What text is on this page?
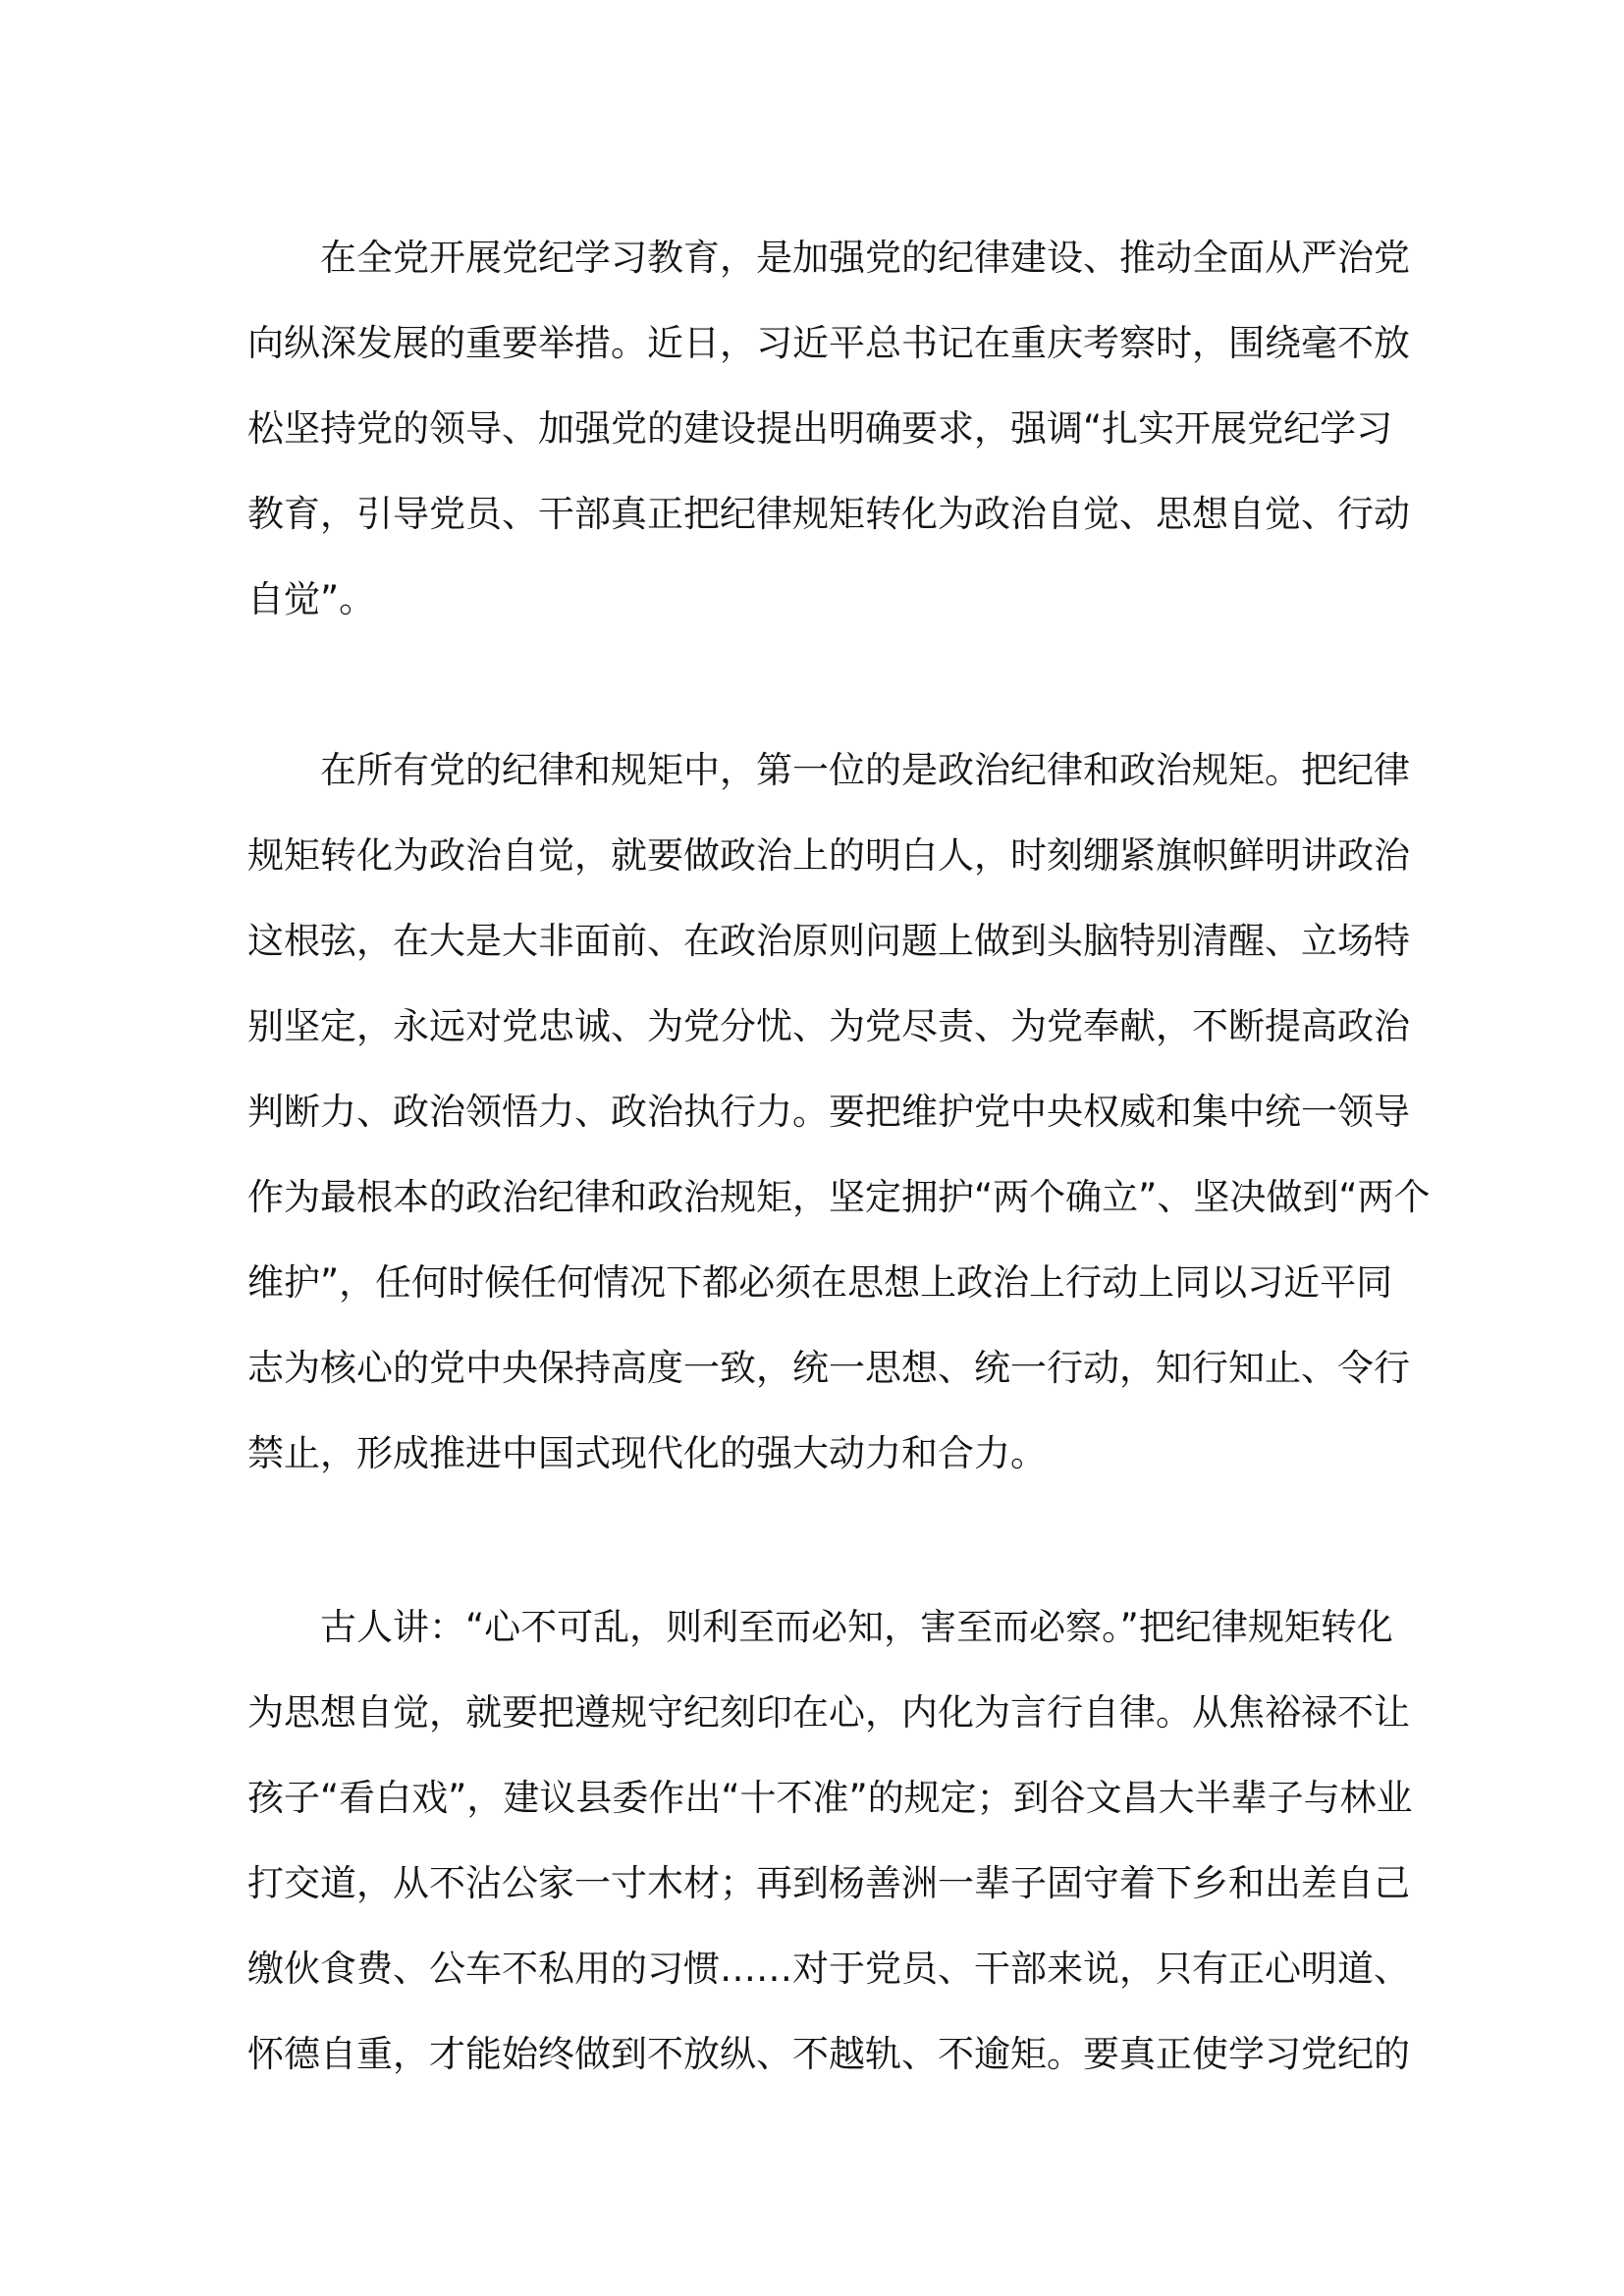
在全党开展党纪学习教育，是加强党的纪律建设、推动全面从严治党
向纵深发展的重要举措。近日，习近平总书记在重庆考察时，围绕毫不放
松坚持党的领导、加强党的建设提出明确要求，强调“扎实开展党纪学习
教育，引导党员、干部真正把纪律规矩转化为政治自觉、思想自觉、行动
自觉”。
在所有党的纪律和规矩中，第一位的是政治纪律和政治规矩。把纪律
规矩转化为政治自觉，就要做政治上的明白人，时刻绷紧旗帜鲜明讲政治
这根弦，在大是大非面前、在政治原则问题上做到头脑特别清醒、立场特
别坚定，永远对党忠诚、为党分忧、为党尽责、为党奉献，不断提高政治
判断力、政治领悟力、政治执行力。要把维护党中央权威和集中统一领导
作为最根本的政治纪律和政治规矩，坚定拥护“两个确立”、坚决做到“两个
维护”，任何时候任何情况下都必须在思想上政治上行动上同以习近平同
志为核心的党中央保持高度一致，统一思想、统一行动，知行知止、令行
禁止，形成推进中国式现代化的强大动力和合力。
古人讲：“心不可乱，则利至而必知，害至而必察。”把纪律规矩转化
为思想自觉，就要把遵规守纪刻印在心，内化为言行自律。从焦裕禄不让
孩子“看白戏”，建议县委作出“十不准”的规定；到谷文昌大半辈子与林业
打交道，从不沾公家一寸木材；再到杨善洲一辈子固守着下乡和出差自己
缴伙食费、公车不私用的习惯……对于党员、干部来说，只有正心明道、
怀德自重，才能始终做到不放纵、不越轨、不逾矩。要真正使学习党纪的
